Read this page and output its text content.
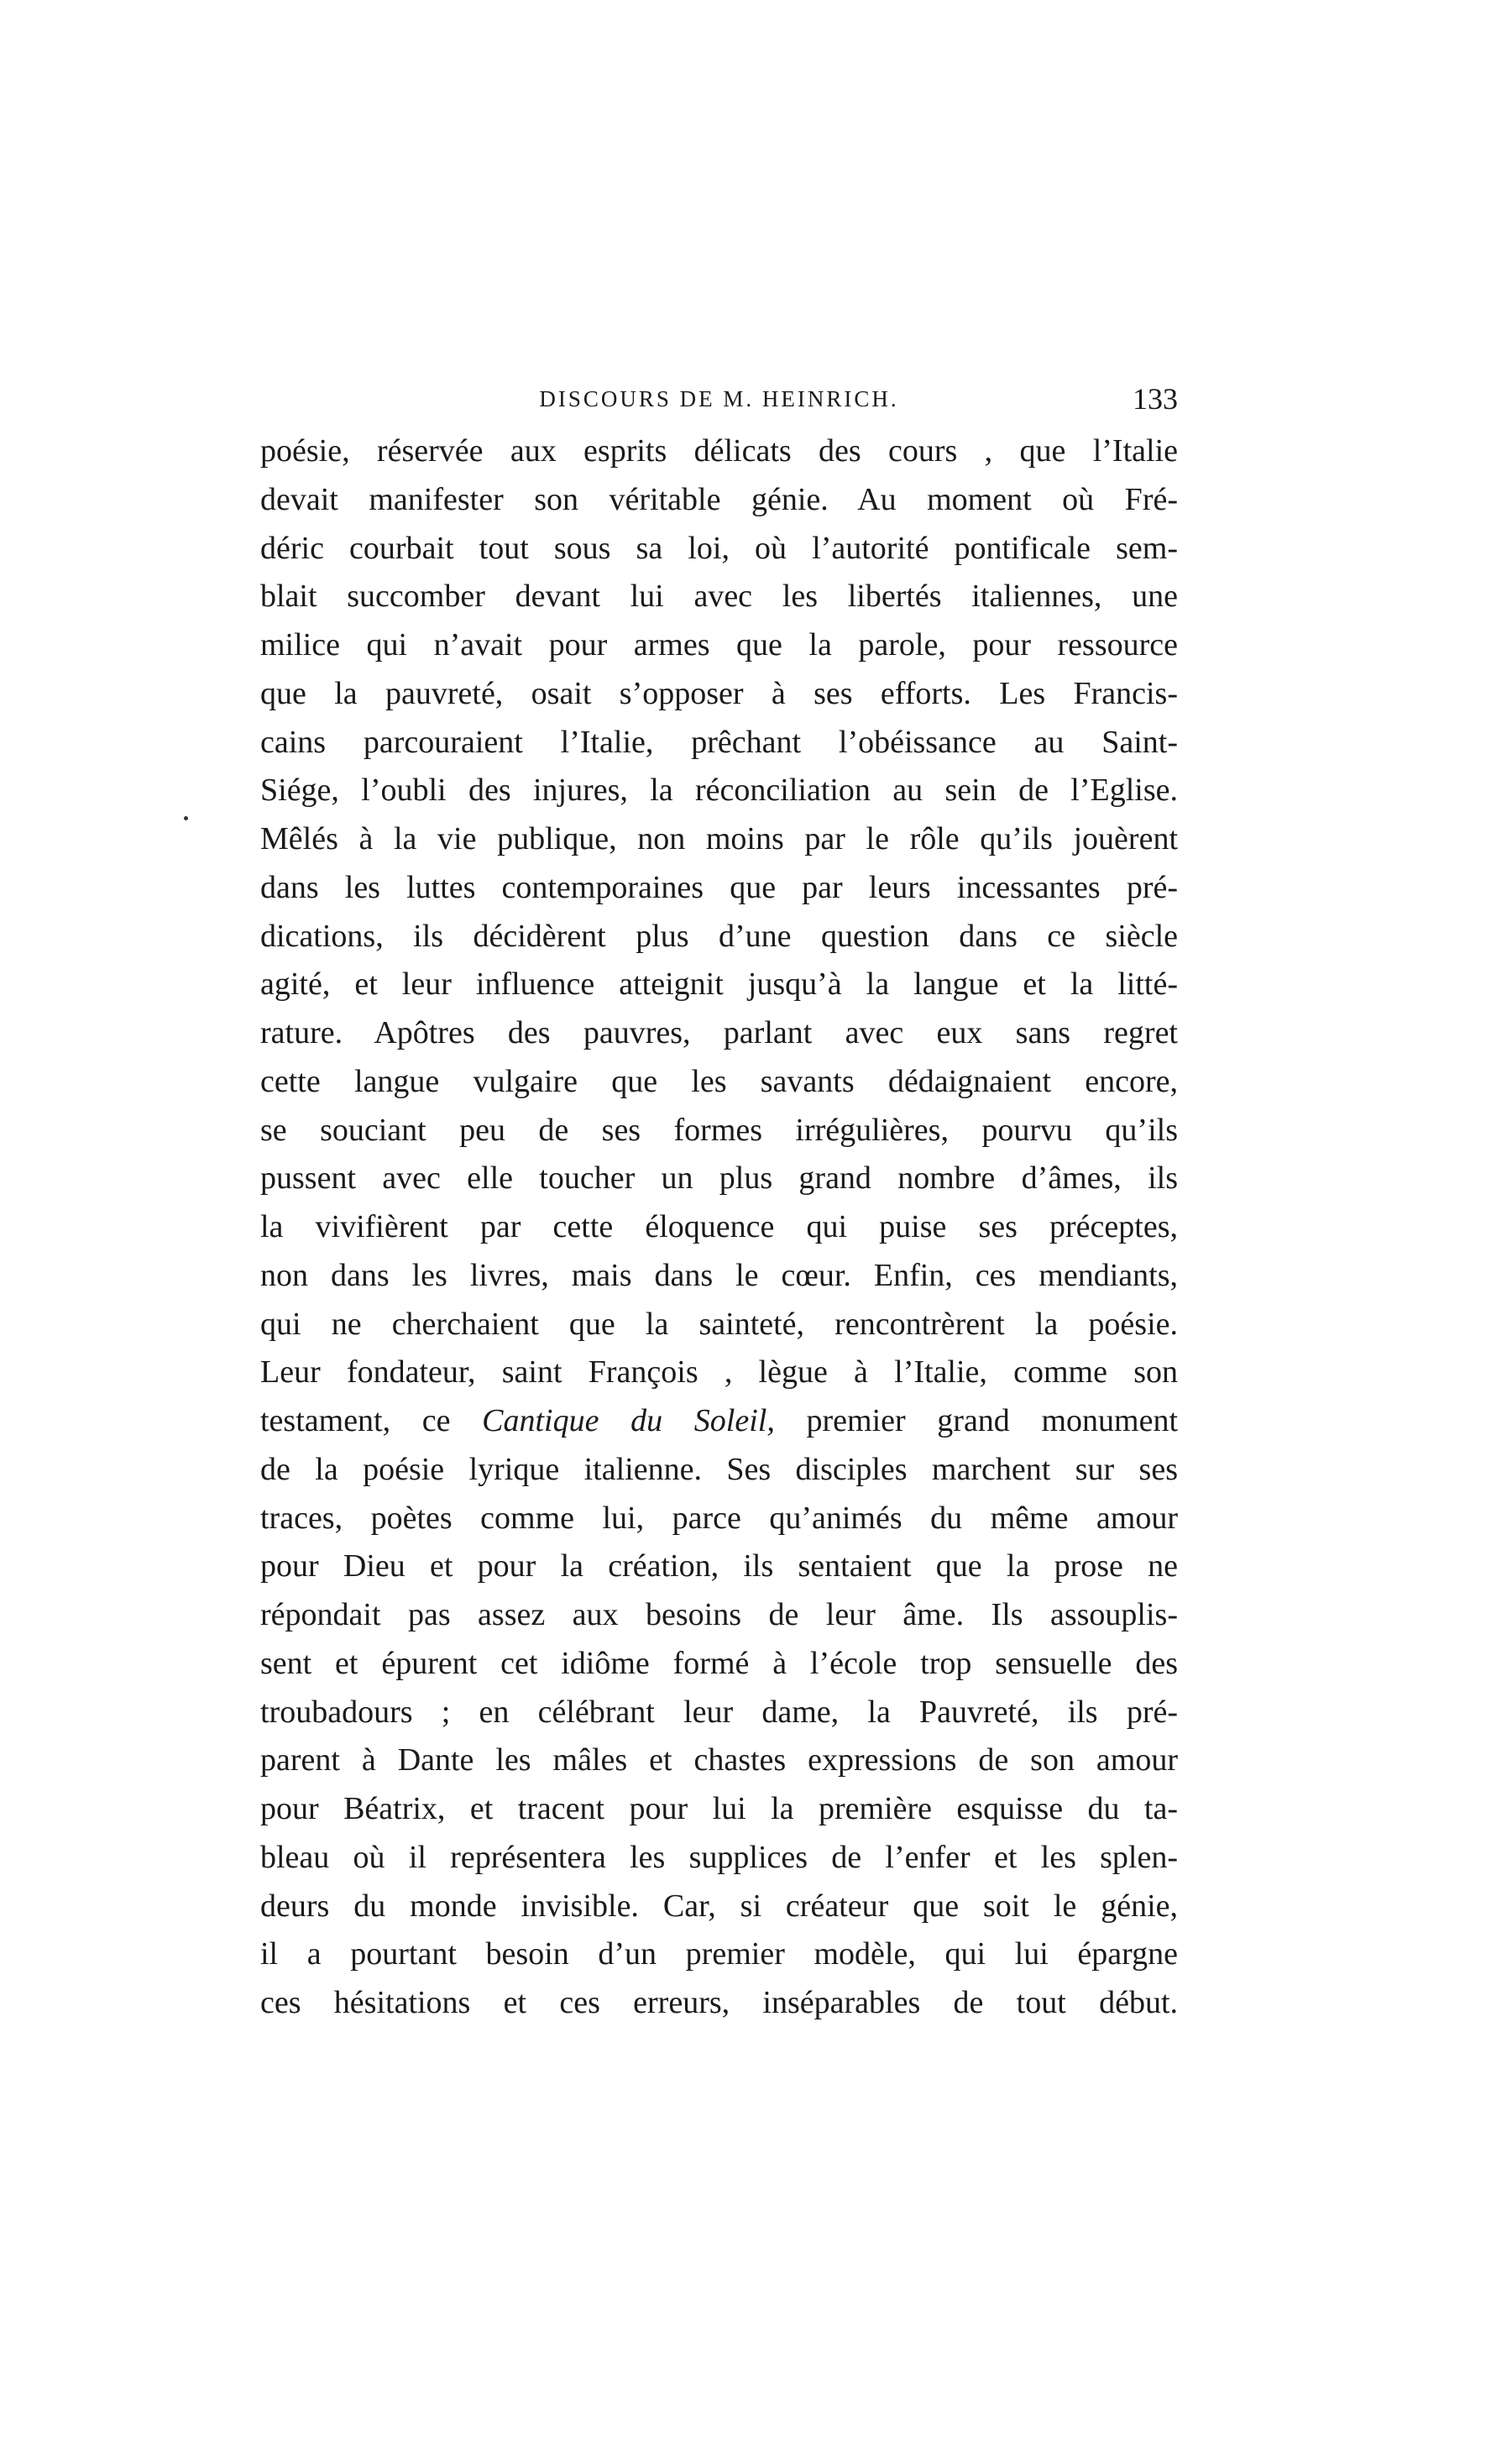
DISCOURS DE M. HEINRICH.	133
poésie, réservée aux esprits délicats des cours , que l’Italie
devait manifester son véritable génie. Au moment où Fré-
déric courbait tout sous sa loi, où l’autorité pontificale sem-
blait succomber devant lui avec les libertés italiennes, une
milice qui n’avait pour armes que la parole, pour ressource
que la pauvreté, osait s’opposer à ses efforts. Les Francis-
cains parcouraient l’Italie, prêchant l’obéissance au Saint-
Siége, l’oubli des injures, la réconciliation au sein de l’Eglise.
Mêlés à la vie publique, non moins par le rôle qu’ils jouèrent
dans les luttes contemporaines que par leurs incessantes pré-
dications, ils décidèrent plus d’une question dans ce siècle
agité, et leur influence atteignit jusqu’à la langue et la litté-
rature. Apôtres des pauvres, parlant avec eux sans regret
cette langue vulgaire que les savants dédaignaient encore,
se souciant peu de ses formes irrégulières, pourvu qu’ils
pussent avec elle toucher un plus grand nombre d’âmes, ils
la vivifièrent par cette éloquence qui puise ses préceptes,
non dans les livres, mais dans le cœur. Enfin, ces mendiants,
qui ne cherchaient que la sainteté, rencontrèrent la poésie.
Leur fondateur, saint François , lègue à l’Italie, comme son
testament, ce Cantique du Soleil, premier grand monument
de la poésie lyrique italienne. Ses disciples marchent sur ses
traces, poètes comme lui, parce qu’animés du même amour
pour Dieu et pour la création, ils sentaient que la prose ne
répondait pas assez aux besoins de leur âme. Ils assouplis-
sent et épurent cet idiôme formé à l’école trop sensuelle des
troubadours ; en célébrant leur dame, la Pauvreté, ils pré-
parent à Dante les mâles et chastes expressions de son amour
pour Béatrix, et tracent pour lui la première esquisse du ta-
bleau où il représentera les supplices de l’enfer et les splen-
deurs du monde invisible. Car, si créateur que soit le génie,
il a pourtant besoin d’un premier modèle, qui lui épargne
ces hésitations et ces erreurs, inséparables de tout début.
